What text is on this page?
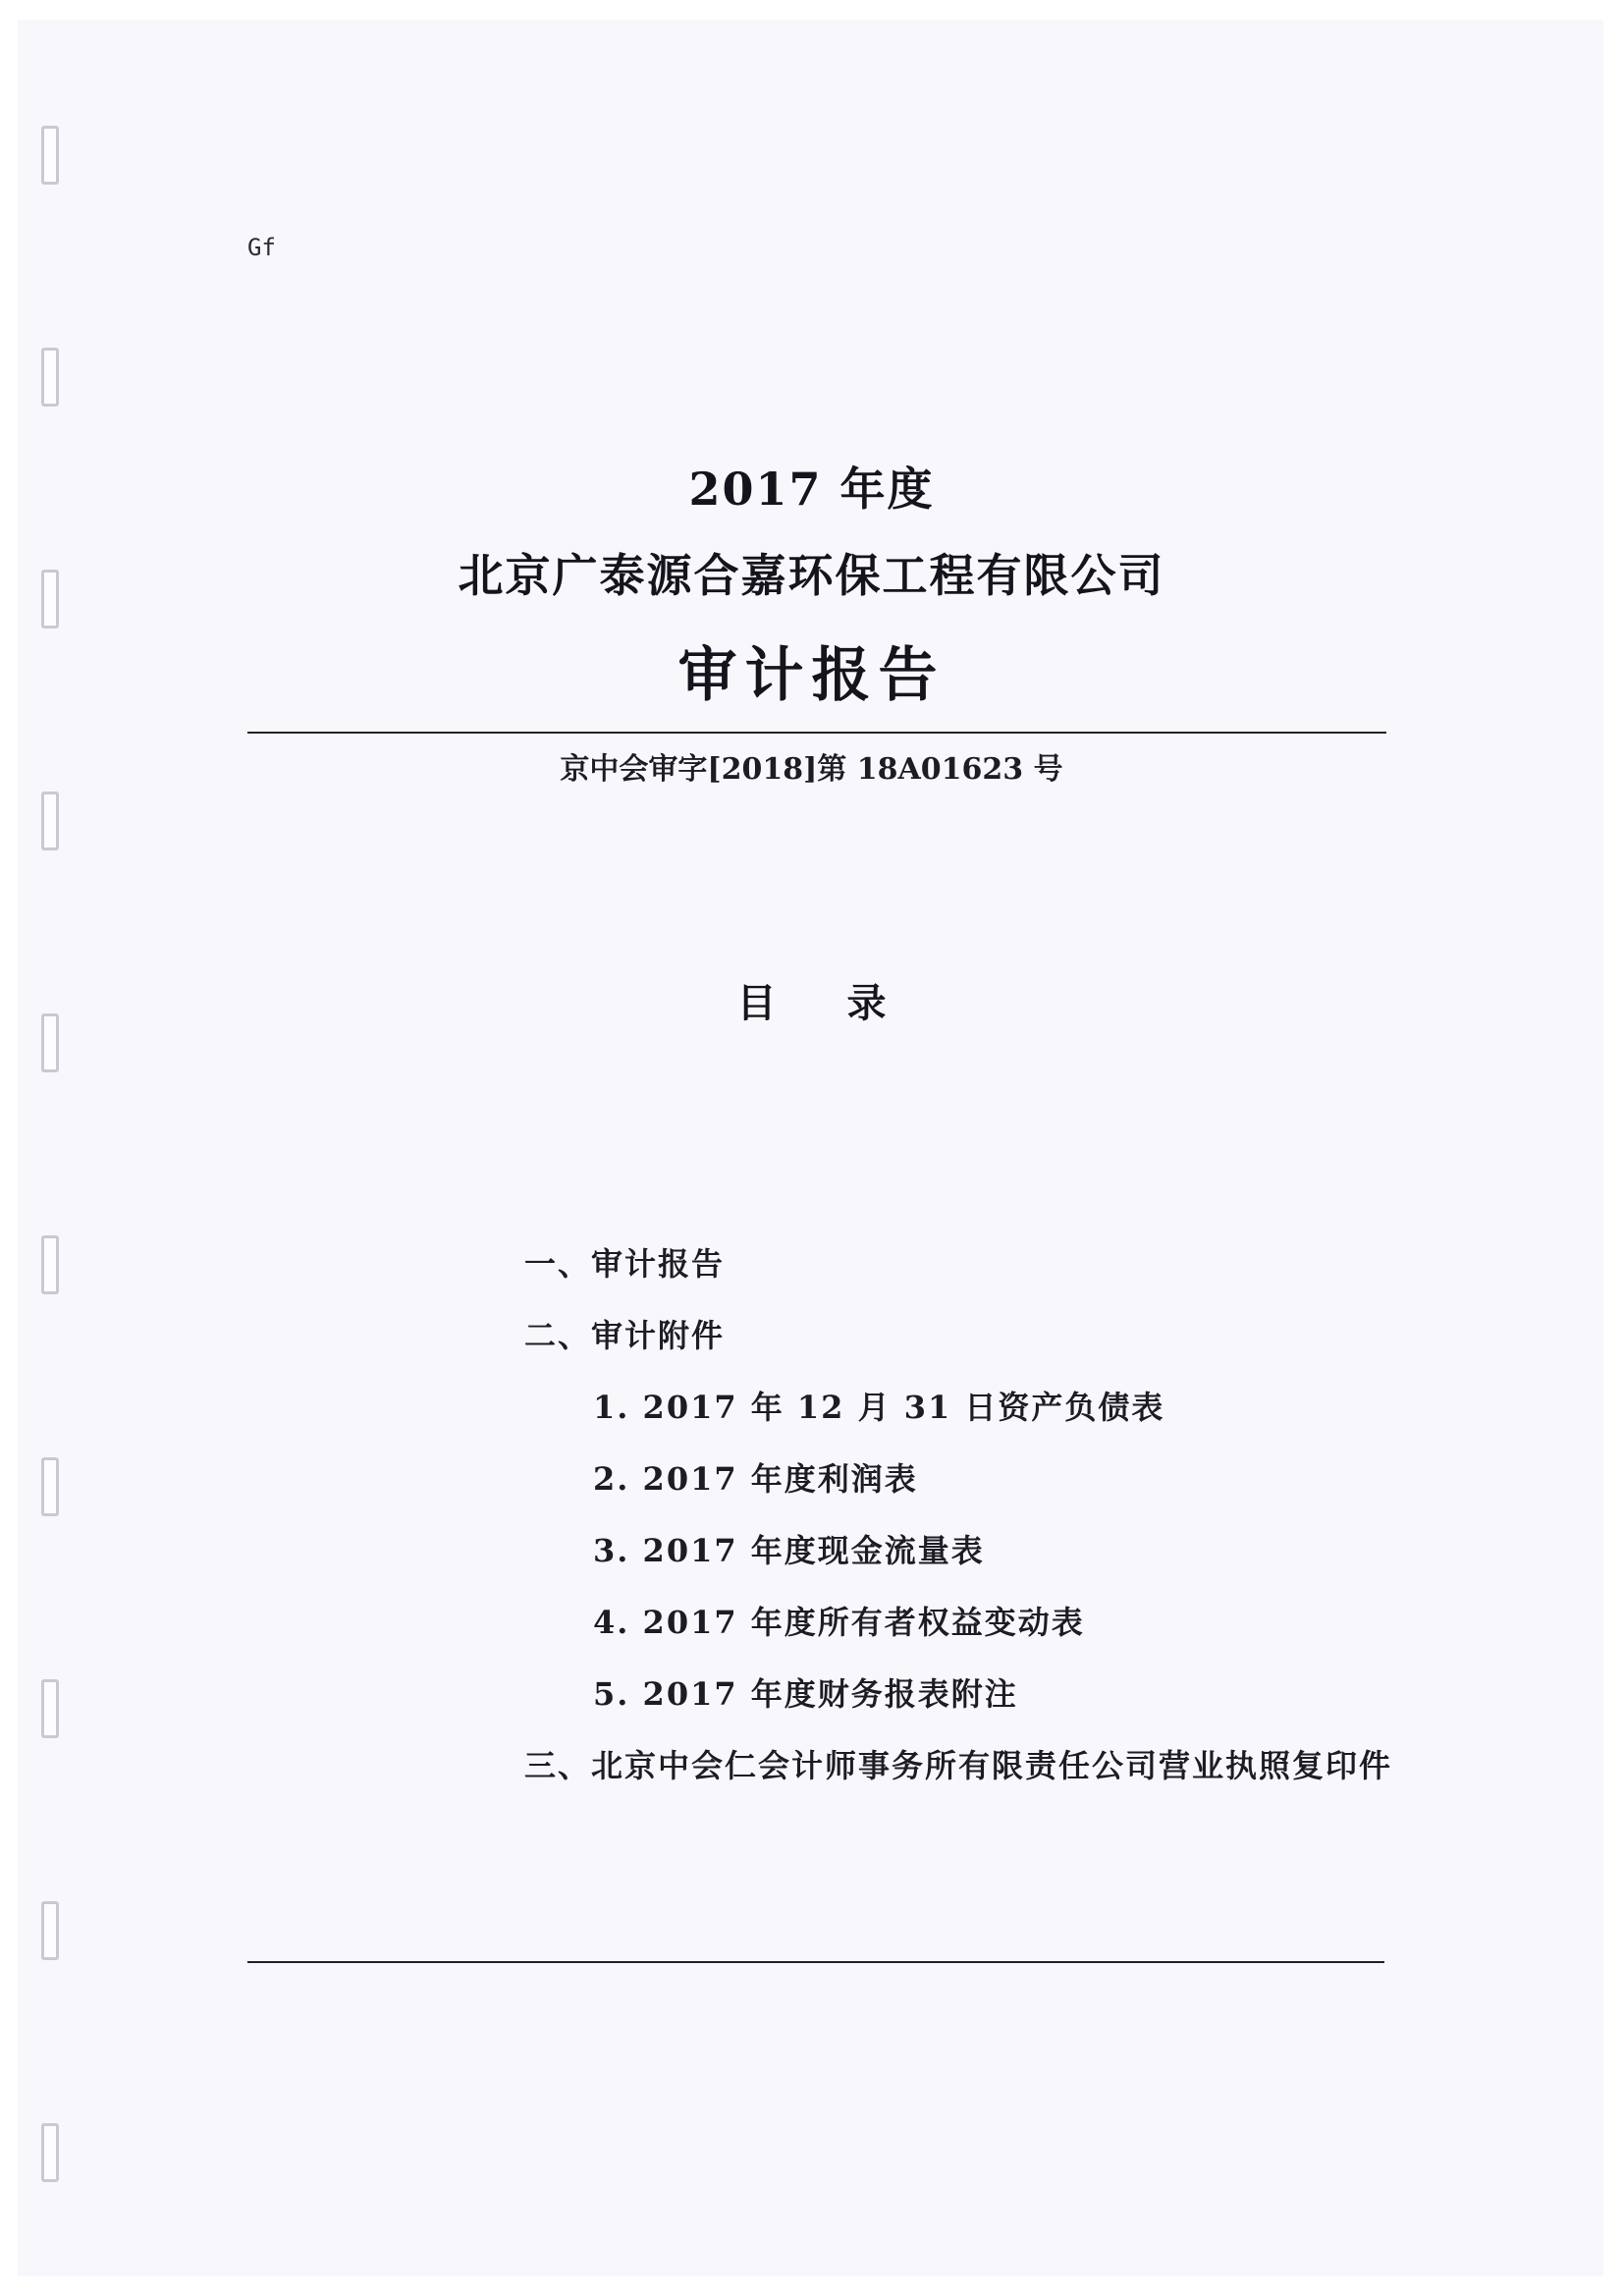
Gf
2017 年度
北京广泰源合嘉环保工程有限公司
审计报告
京中会审字[2018]第 18A01623 号
目录
一、审计报告
二、审计附件
1. 2017 年 12 月 31 日资产负债表
2. 2017 年度利润表
3. 2017 年度现金流量表
4. 2017 年度所有者权益变动表
5. 2017 年度财务报表附注
三、北京中会仁会计师事务所有限责任公司营业执照复印件
